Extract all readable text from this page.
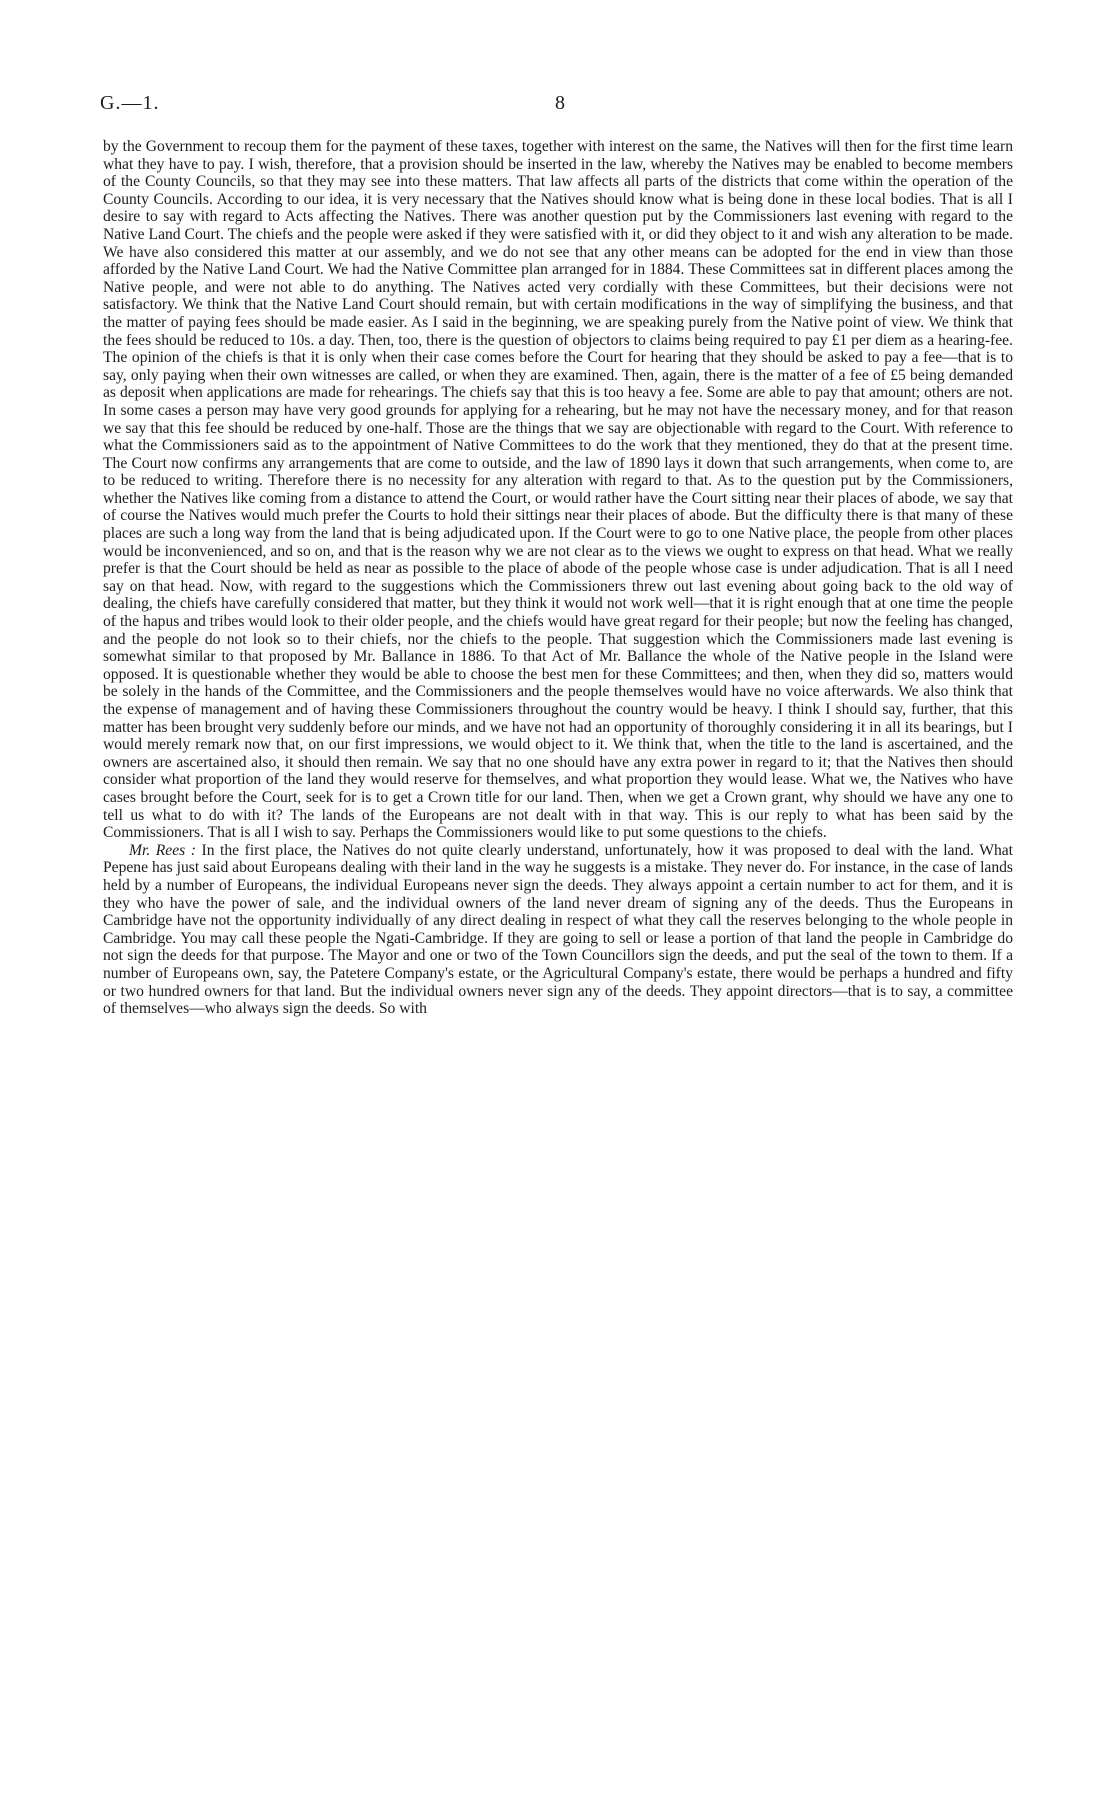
G.—1.	8

by the Government to recoup them for the payment of these taxes, together with interest on the same, the Natives will then for the first time learn what they have to pay. I wish, therefore, that a provision should be inserted in the law, whereby the Natives may be enabled to become members of the County Councils, so that they may see into these matters. That law affects all parts of the districts that come within the operation of the County Councils. According to our idea, it is very necessary that the Natives should know what is being done in these local bodies. That is all I desire to say with regard to Acts affecting the Natives. There was another question put by the Commissioners last evening with regard to the Native Land Court. The chiefs and the people were asked if they were satisfied with it, or did they object to it and wish any alteration to be made. We have also considered this matter at our assembly, and we do not see that any other means can be adopted for the end in view than those afforded by the Native Land Court. We had the Native Committee plan arranged for in 1884. These Committees sat in different places among the Native people, and were not able to do anything. The Natives acted very cordially with these Committees, but their decisions were not satisfactory. We think that the Native Land Court should remain, but with certain modifications in the way of simplifying the business, and that the matter of paying fees should be made easier. As I said in the beginning, we are speaking purely from the Native point of view. We think that the fees should be reduced to 10s. a day. Then, too, there is the question of objectors to claims being required to pay £1 per diem as a hearing-fee. The opinion of the chiefs is that it is only when their case comes before the Court for hearing that they should be asked to pay a fee—that is to say, only paying when their own witnesses are called, or when they are examined. Then, again, there is the matter of a fee of £5 being demanded as deposit when applications are made for rehearings. The chiefs say that this is too heavy a fee. Some are able to pay that amount; others are not. In some cases a person may have very good grounds for applying for a rehearing, but he may not have the necessary money, and for that reason we say that this fee should be reduced by one-half. Those are the things that we say are objectionable with regard to the Court. With reference to what the Commissioners said as to the appointment of Native Committees to do the work that they mentioned, they do that at the present time. The Court now confirms any arrangements that are come to outside, and the law of 1890 lays it down that such arrangements, when come to, are to be reduced to writing. Therefore there is no necessity for any alteration with regard to that. As to the question put by the Commissioners, whether the Natives like coming from a distance to attend the Court, or would rather have the Court sitting near their places of abode, we say that of course the Natives would much prefer the Courts to hold their sittings near their places of abode. But the difficulty there is that many of these places are such a long way from the land that is being adjudicated upon. If the Court were to go to one Native place, the people from other places would be inconvenienced, and so on, and that is the reason why we are not clear as to the views we ought to express on that head. What we really prefer is that the Court should be held as near as possible to the place of abode of the people whose case is under adjudication. That is all I need say on that head. Now, with regard to the suggestions which the Commissioners threw out last evening about going back to the old way of dealing, the chiefs have carefully considered that matter, but they think it would not work well—that it is right enough that at one time the people of the hapus and tribes would look to their older people, and the chiefs would have great regard for their people; but now the feeling has changed, and the people do not look so to their chiefs, nor the chiefs to the people. That suggestion which the Commissioners made last evening is somewhat similar to that proposed by Mr. Ballance in 1886. To that Act of Mr. Ballance the whole of the Native people in the Island were opposed. It is questionable whether they would be able to choose the best men for these Committees; and then, when they did so, matters would be solely in the hands of the Committee, and the Commissioners and the people themselves would have no voice afterwards. We also think that the expense of management and of having these Commissioners throughout the country would be heavy. I think I should say, further, that this matter has been brought very suddenly before our minds, and we have not had an opportunity of thoroughly considering it in all its bearings, but I would merely remark now that, on our first impressions, we would object to it. We think that, when the title to the land is ascertained, and the owners are ascertained also, it should then remain. We say that no one should have any extra power in regard to it; that the Natives then should consider what proportion of the land they would reserve for themselves, and what proportion they would lease. What we, the Natives who have cases brought before the Court, seek for is to get a Crown title for our land. Then, when we get a Crown grant, why should we have any one to tell us what to do with it? The lands of the Europeans are not dealt with in that way. This is our reply to what has been said by the Commissioners. That is all I wish to say. Perhaps the Commissioners would like to put some questions to the chiefs.

Mr. Rees : In the first place, the Natives do not quite clearly understand, unfortunately, how it was proposed to deal with the land. What Pepene has just said about Europeans dealing with their land in the way he suggests is a mistake. They never do. For instance, in the case of lands held by a number of Europeans, the individual Europeans never sign the deeds. They always appoint a certain number to act for them, and it is they who have the power of sale, and the individual owners of the land never dream of signing any of the deeds. Thus the Europeans in Cambridge have not the opportunity individually of any direct dealing in respect of what they call the reserves belonging to the whole people in Cambridge. You may call these people the Ngati-Cambridge. If they are going to sell or lease a portion of that land the people in Cambridge do not sign the deeds for that purpose. The Mayor and one or two of the Town Councillors sign the deeds, and put the seal of the town to them. If a number of Europeans own, say, the Patetere Company's estate, or the Agricultural Company's estate, there would be perhaps a hundred and fifty or two hundred owners for that land. But the individual owners never sign any of the deeds. They appoint directors—that is to say, a committee of themselves—who always sign the deeds. So with
